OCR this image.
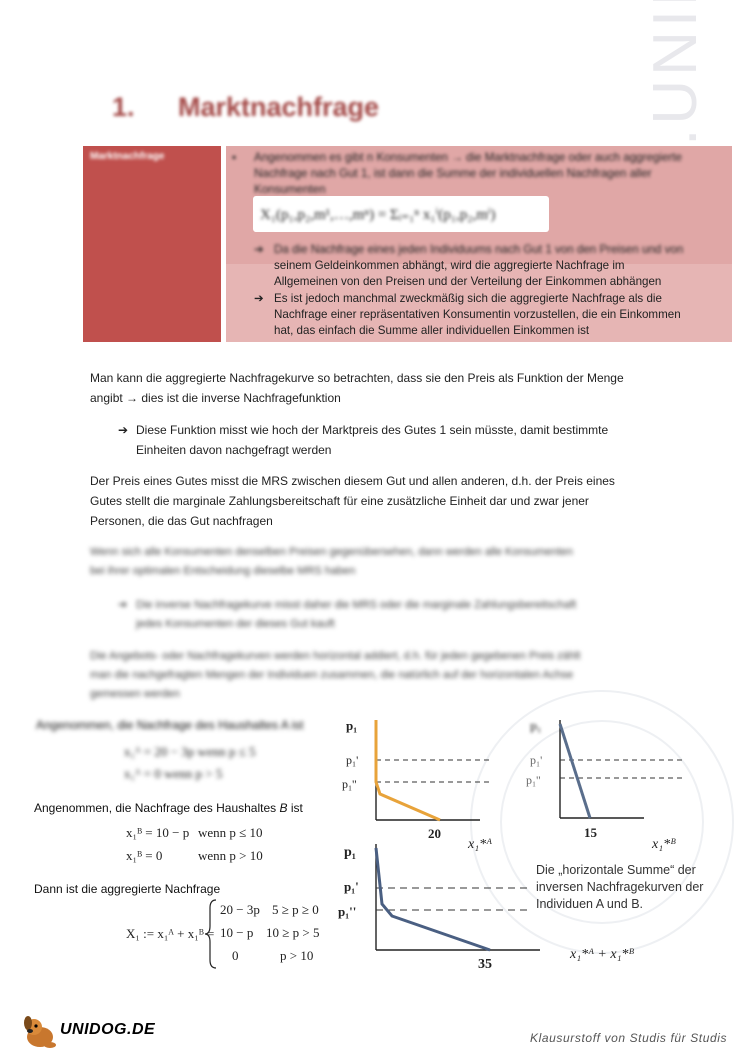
1. Marktnachfrage
Marktnachfrage	▪ Angenommen es gibt n Konsumenten → die Marktnachfrage oder auch aggregierte Nachfrage nach Gut 1, ist dann die Summe der individuellen Nachfragen aller Konsumenten
X₁(p₁,p₂,m¹,…,mⁿ) = Σᵢ₌₁ⁿ x₁ⁱ(p₁,p₂,mⁱ)
➔ Da die Nachfrage eines jeden Individuums nach Gut 1 von den Preisen und von
seinem Geldeinkommen abhängt, wird die aggregierte Nachfrage im
Allgemeinen von den Preisen und der Verteilung der Einkommen abhängen
➔ Es ist jedoch manchmal zweckmäßig sich die aggregierte Nachfrage als die
Nachfrage einer repräsentativen Konsumentin vorzustellen, die ein Einkommen
hat, das einfach die Summe aller individuellen Einkommen ist
Man kann die aggregierte Nachfragekurve so betrachten, dass sie den Preis als Funktion der Menge
angibt → dies ist die inverse Nachfragefunktion
➔ Diese Funktion misst wie hoch der Marktpreis des Gutes 1 sein müsste, damit bestimmte
Einheiten davon nachgefragt werden
Der Preis eines Gutes misst die MRS zwischen diesem Gut und allen anderen, d.h. der Preis eines
Gutes stellt die marginale Zahlungsbereitschaft für eine zusätzliche Einheit dar und zwar jener
Personen, die das Gut nachfragen
Wenn sich alle Konsumenten denselben Preisen gegenübersehen, dann werden alle Konsumenten
bei ihrer optimalen Entscheidung dieselbe MRS haben
➔ Die inverse Nachfragekurve misst daher die MRS oder die marginale Zahlungsbereitschaft
jedes Konsumenten der dieses Gut kauft
Die Angebots- oder Nachfragekurven werden horizontal addiert, d.h. für jeden gegebenen Preis zählt
man die nachgefragten Mengen der Individuen zusammen, die natürlich auf der horizontalen Achse
gemessen werden
Angenommen, die Nachfrage des Haushaltes A ist
x₁ᴬ = 20 − 3p wenn p ≤ 5
x₁ᴬ = 0 wenn p > 5
Angenommen, die Nachfrage des Haushaltes B ist
x₁ᴮ = 10 − p wenn p ≤ 10
x₁ᴮ = 0	wenn p > 10
Dann ist die aggregierte Nachfrage
X₁ := x₁ᴬ + x₁ᴮ =
20 − 3p 5 ≥ p ≥ 0
10 − p 10 ≥ p > 5
0	p > 10
p₁
p₁'
p₁''
20
x₁*ᴬ
p₁
p₁'
p₁''
15
x₁*ᴮ
p₁
p₁'
p₁''
35
x₁*ᴬ + x₁*ᴮ
Die „horizontale Summe“ der inversen Nachfragekurven der Individuen A und B.
UNIDOG.DE	Klausurstoff von Studis für Studis
